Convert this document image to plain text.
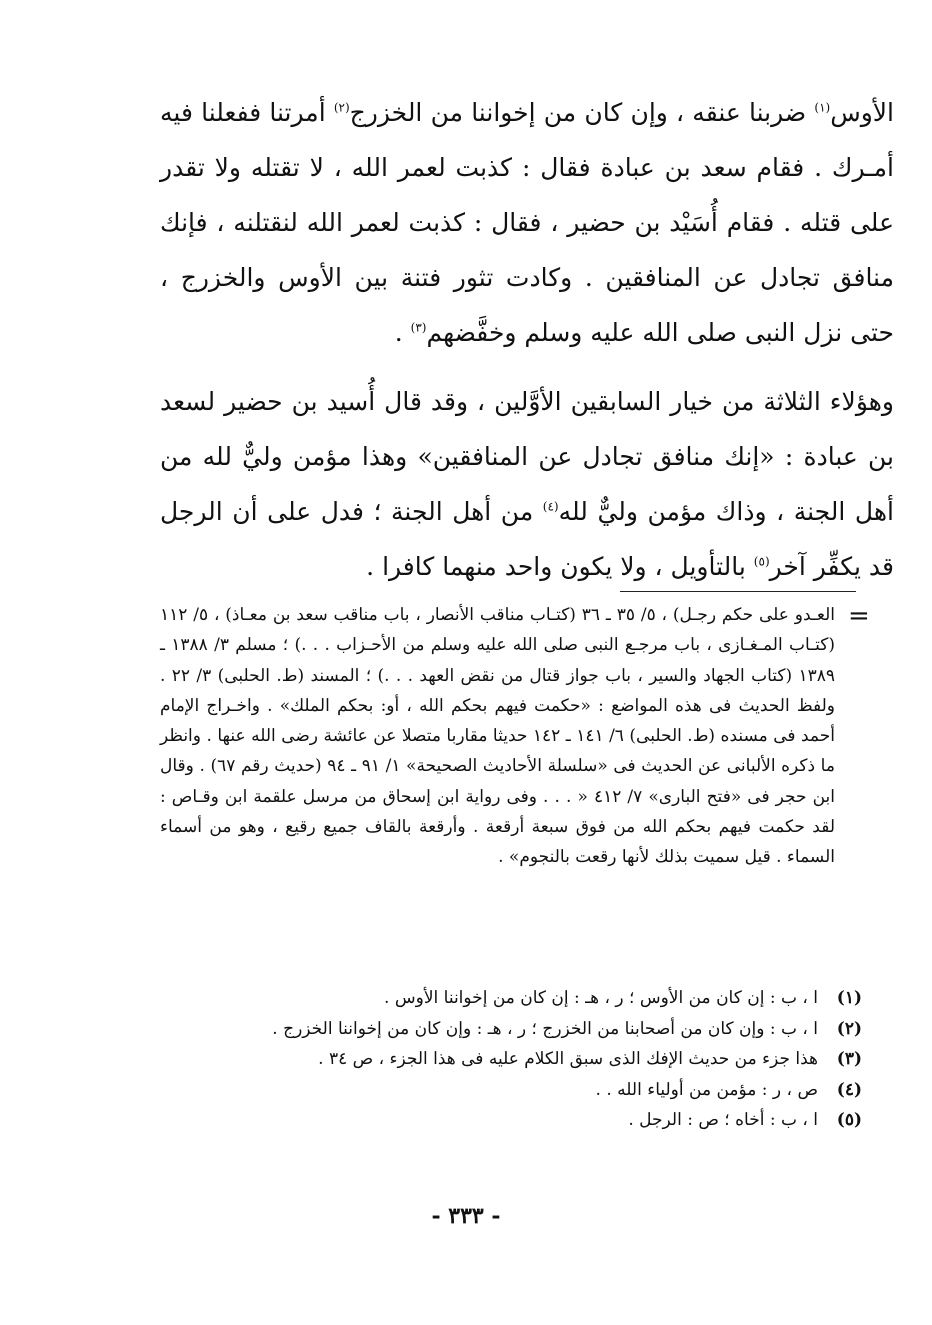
الأوس$^{(١)}$ ضربنا عنقه ، وإن كان من إخواننا من الخزرج$^{(٢)}$ أمرتنا ففعلنا فيه أمـرك . فقام سعد بن عبادة فقال : كذبت لعمر الله ، لا تقتله ولا تقدر على قتله . فقام أُسَيْد بن حضير ، فقال : كذبت لعمر الله لنقتلنه ، فإنك منافق تجادل عن المنافقين . وكادت تثور فتنة بين الأوس والخزرج ، حتى نزل النبى صلى الله عليه وسلم وخفَّضهم$^{(٣)}$ .

وهؤلاء الثلاثة من خيار السابقين الأوَّلين ، وقد قال أُسيد بن حضير لسعد بن عبادة : «إنك منافق تجادل عن المنافقين» وهذا مؤمن وليٌّ لله من أهل الجنة ، وذاك مؤمن وليٌّ لله$^{(٤)}$ من أهل الجنة ؛ فدل على أن الرجل قد يكفِّر آخر$^{(٥)}$ بالتأويل ، ولا يكون واحد منهما كافرا .

=

العـدو على حكم رجـل) ، ٥/ ٣٥ ـ ٣٦ (كتـاب مناقب الأنصار ، باب مناقب سعد بن معـاذ) ، ٥/ ١١٢ (كتـاب المـغـازى ، باب مرجـع النبى صلى الله عليه وسلم من الأحـزاب . . .) ؛ مسلم ٣/ ١٣٨٨ ـ ١٣٨٩ (كتاب الجهاد والسير ، باب جواز قتال من نقض العهد . . .) ؛ المسند (ط. الحلبى) ٣/ ٢٢ . ولفظ الحديث فى هذه المواضع : «حكمت فيهم بحكم الله ، أو: بحكم الملك» . واخـراج الإمام أحمد فى مسنده (ط. الحلبى) ٦/ ١٤١ ـ ١٤٢ حديثا مقاربا متصلا عن عائشة رضى الله عنها . وانظر ما ذكره الألبانى عن الحديث فى «سلسلة الأحاديث الصحيحة» ١/ ٩١ ـ ٩٤ (حديث رقم ٦٧) . وقال ابن حجر فى «فتح البارى» ٧/ ٤١٢ « . . . وفى رواية ابن إسحاق من مرسل علقمة ابن وقـاص : لقد حكمت فيهم بحكم الله من فوق سبعة أرقعة . وأرقعة بالقاف جميع رقيع ، وهو من أسماء السماء . قيل سميت بذلك لأنها رقعت بالنجوم» .

(١)
ا ، ب : إن كان من الأوس ؛ ر ، هـ : إن كان من إخواننا الأوس .
(٢)
ا ، ب : وإن كان من أصحابنا من الخزرج ؛ ر ، هـ : وإن كان من إخواننا الخزرج .
(٣)
هذا جزء من حديث الإفك الذى سبق الكلام عليه فى هذا الجزء ، ص ٣٤ .
(٤)
ص ، ر : مؤمن من أولياء الله . .
(٥)
ا ، ب : أخاه ؛ ص : الرجل .
- ٣٣٣ -
